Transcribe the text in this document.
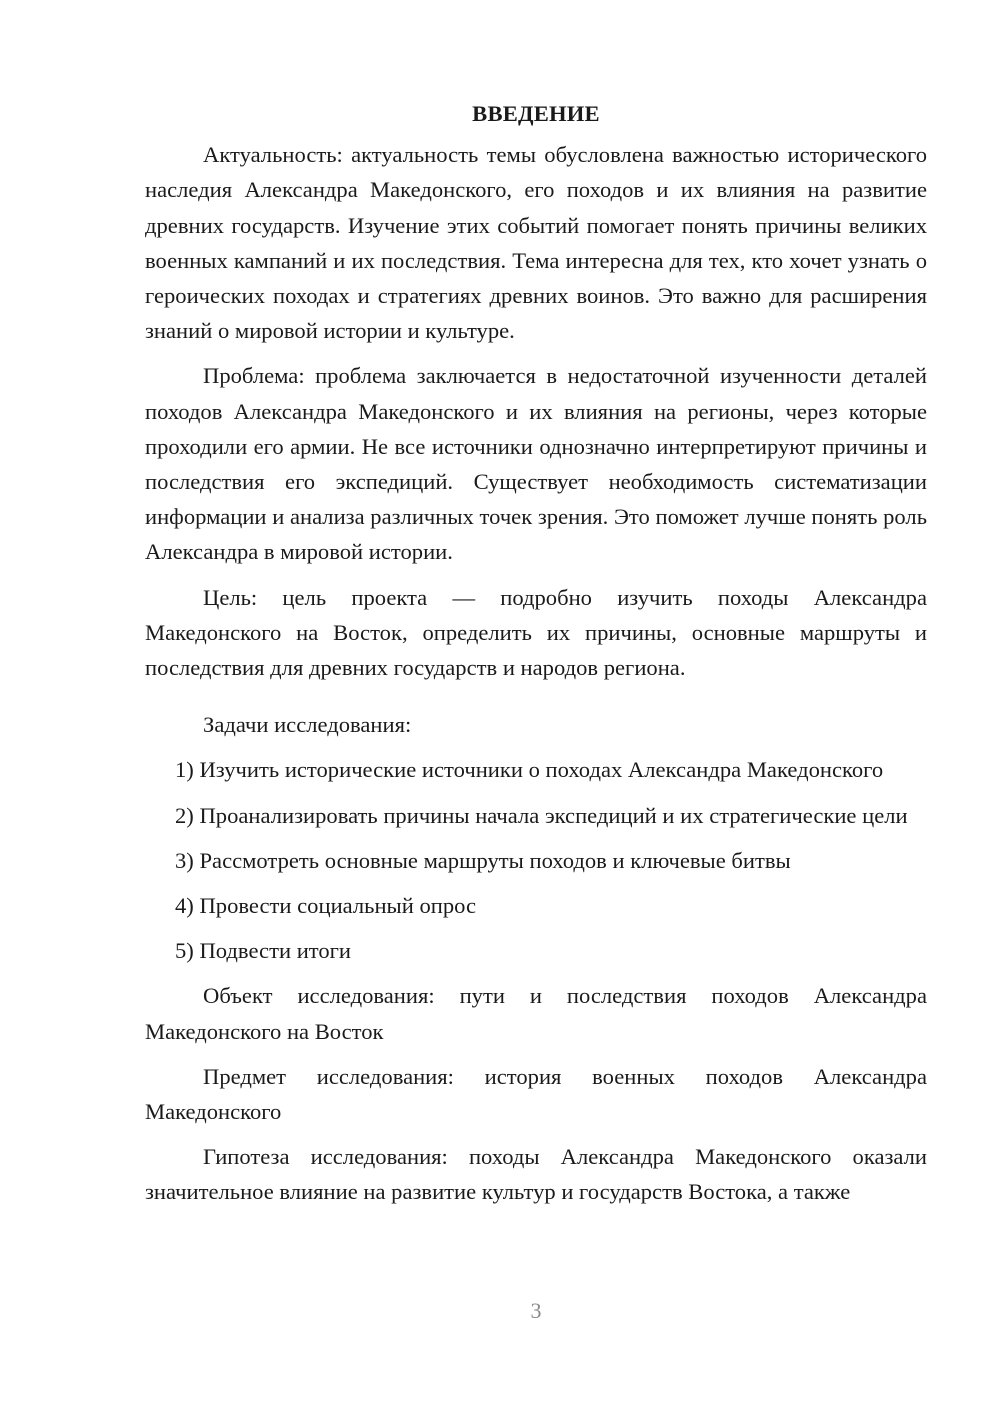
ВВЕДЕНИЕ

Актуальность: актуальность темы обусловлена важностью исторического наследия Александра Македонского, его походов и их влияния на развитие древних государств. Изучение этих событий помогает понять причины великих военных кампаний и их последствия. Тема интересна для тех, кто хочет узнать о героических походах и стратегиях древних воинов. Это важно для расширения знаний о мировой истории и культуре.

Проблема: проблема заключается в недостаточной изученности деталей походов Александра Македонского и их влияния на регионы, через которые проходили его армии. Не все источники однозначно интерпретируют причины и последствия его экспедиций. Существует необходимость систематизации информации и анализа различных точек зрения. Это поможет лучше понять роль Александра в мировой истории.

Цель: цель проекта — подробно изучить походы Александра Македонского на Восток, определить их причины, основные маршруты и последствия для древних государств и народов региона.

Задачи исследования:

1) Изучить исторические источники о походах Александра Македонского

2) Проанализировать причины начала экспедиций и их стратегические цели

3) Рассмотреть основные маршруты походов и ключевые битвы

4) Провести социальный опрос

5) Подвести итоги

Объект исследования: пути и последствия походов Александра Македонского на Восток

Предмет исследования: история военных походов Александра Македонского

Гипотеза исследования: походы Александра Македонского оказали значительное влияние на развитие культур и государств Востока, а также

3
